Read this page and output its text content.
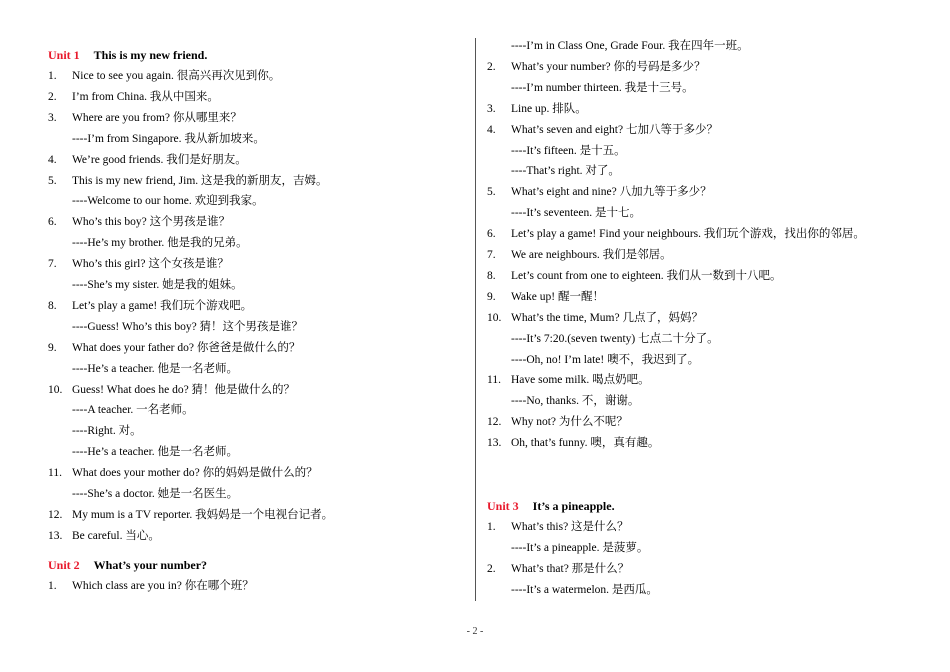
Unit 1 This is my new friend.
1. Nice to see you again. 很高兴再次见到你。
2. I’m from China. 我从中国来。
3. Where are you from? 你从哪里来？
----I’m from Singapore. 我从新加坡来。
4. We’re good friends. 我们是好朋友。
5. This is my new friend, Jim. 这是我的新朋友，吉姆。
----Welcome to our home. 欢迎到我家。
6. Who’s this boy? 这个男孩是谁？
----He’s my brother. 他是我的兄弟。
7. Who’s this girl? 这个女孩是谁？
----She’s my sister. 她是我的姐妹。
8. Let’s play a game! 我们玩个游戏吧。
----Guess! Who’s this boy? 猜！这个男孩是谁？
9. What does your father do? 你爸爸是做什么的？
----He’s a teacher. 他是一名老师。
10. Guess! What does he do? 猜！他是做什么的？
----A teacher. 一名老师。
----Right. 对。
----He’s a teacher. 他是一名老师。
11. What does your mother do? 你的妈妈是做什么的？
----She’s a doctor. 她是一名医生。
12. My mum is a TV reporter. 我妈妈是一个电视台记者。
13. Be careful. 当心。
Unit 2 What’s your number?
1. Which class are you in? 你在哪个班？
----I’m in Class One, Grade Four. 我在四年一班。
2. What’s your number? 你的号码是多少？
----I’m number thirteen. 我是十三号。
3. Line up. 排队。
4. What’s seven and eight? 七加八等于多少？
----It’s fifteen. 是十五。
----That’s right. 对了。
5. What’s eight and nine? 八加九等于多少？
----It’s seventeen. 是十七。
6. Let’s play a game! Find your neighbours. 我们玩个游戏，找出你的邻居。
7. We are neighbours. 我们是邻居。
8. Let’s count from one to eighteen. 我们从一数到十八吧。
9. Wake up! 醒一醒！
10. What’s the time, Mum? 几点了，妈妈？
----It’s 7:20.(seven twenty) 七点二十分了。
----Oh, no! I’m late! 噢不，我迟到了。
11. Have some milk. 喝点奶吧。
----No, thanks. 不，谢谢。
12. Why not? 为什么不呢？
13. Oh, that’s funny. 噢，真有趣。
Unit 3 It’s a pineapple.
1. What’s this? 这是什么？
----It’s a pineapple. 是菠萝。
2. What’s that? 那是什么？
----It’s a watermelon. 是西瓜。
- 2 -
